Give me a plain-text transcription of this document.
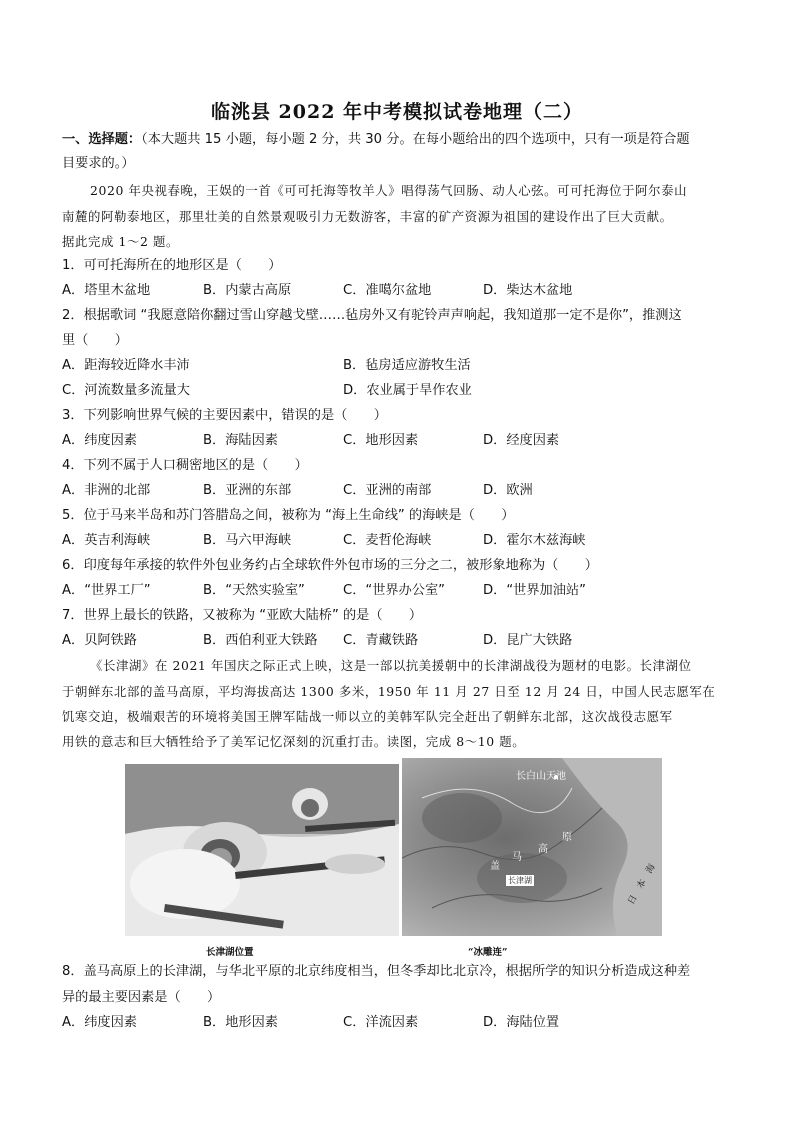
临洮县 2022 年中考模拟试卷地理（二）
一、选择题：（本大题共 15 小题，每小题 2 分，共 30 分。在每小题给出的四个选项中，只有一项是符合题
目要求的。）
2020 年央视春晚，王娱的一首《可可托海等牧羊人》唱得荡气回肠、动人心弦。可可托海位于阿尔泰山
南麓的阿勒泰地区，那里壮美的自然景观吸引力无数游客，丰富的矿产资源为祖国的建设作出了巨大贡献。
据此完成 1～2 题。
1．可可托海所在的地形区是（　　）
A．塔里木盆地	B．内蒙古高原	C．准噶尔盆地	D．柴达木盆地
2．根据歌词 “我愿意陪你翻过雪山穿越戈壁……毡房外又有驼铃声声响起，我知道那一定不是你”，推测这
里（　　）
A．距海较近降水丰沛	B．毡房适应游牧生活
C．河流数量多流量大	D．农业属于旱作农业
3．下列影响世界气候的主要因素中，错误的是（　　）
A．纬度因素	B．海陆因素	C．地形因素	D．经度因素
4．下列不属于人口稠密地区的是（　　）
A．非洲的北部	B．亚洲的东部	C．亚洲的南部	D．欧洲
5．位于马来半岛和苏门答腊岛之间，被称为 “海上生命线” 的海峡是（　　）
A．英吉利海峡	B．马六甲海峡	C．麦哲伦海峡	D．霍尔木兹海峡
6．印度每年承接的软件外包业务约占全球软件外包市场的三分之二，被形象地称为（　　）
A．“世界工厂”	B．“天然实验室”	C．“世界办公室”	D．“世界加油站”
7．世界上最长的铁路，又被称为 “亚欧大陆桥” 的是（　　）
A．贝阿铁路	B．西伯利亚大铁路 C．青藏铁路	D．昆广大铁路
《长津湖》在 2021 年国庆之际正式上映，这是一部以抗美援朝中的长津湖战役为题材的电影。长津湖位
于朝鲜东北部的盖马高原，平均海拔高达 1300 多米，1950 年 11 月 27 日至 12 月 24 日，中国人民志愿军在
饥寒交迫，极端艰苦的环境将美国王牌军陆战一师以立的美韩军队完全赶出了朝鲜东北部，这次战役志愿军
用铁的意志和巨大牺牲给予了美军记忆深刻的沉重打击。读图，完成 8～10 题。
长白山天池
原
高
马
盖
长津湖	日　本　海
长津湖位置	“冰雕连”
8．盖马高原上的长津湖，与华北平原的北京纬度相当，但冬季却比北京冷，根据所学的知识分析造成这种差
异的最主要因素是（　　）
A．纬度因素	B．地形因素	C．洋流因素	D．海陆位置
